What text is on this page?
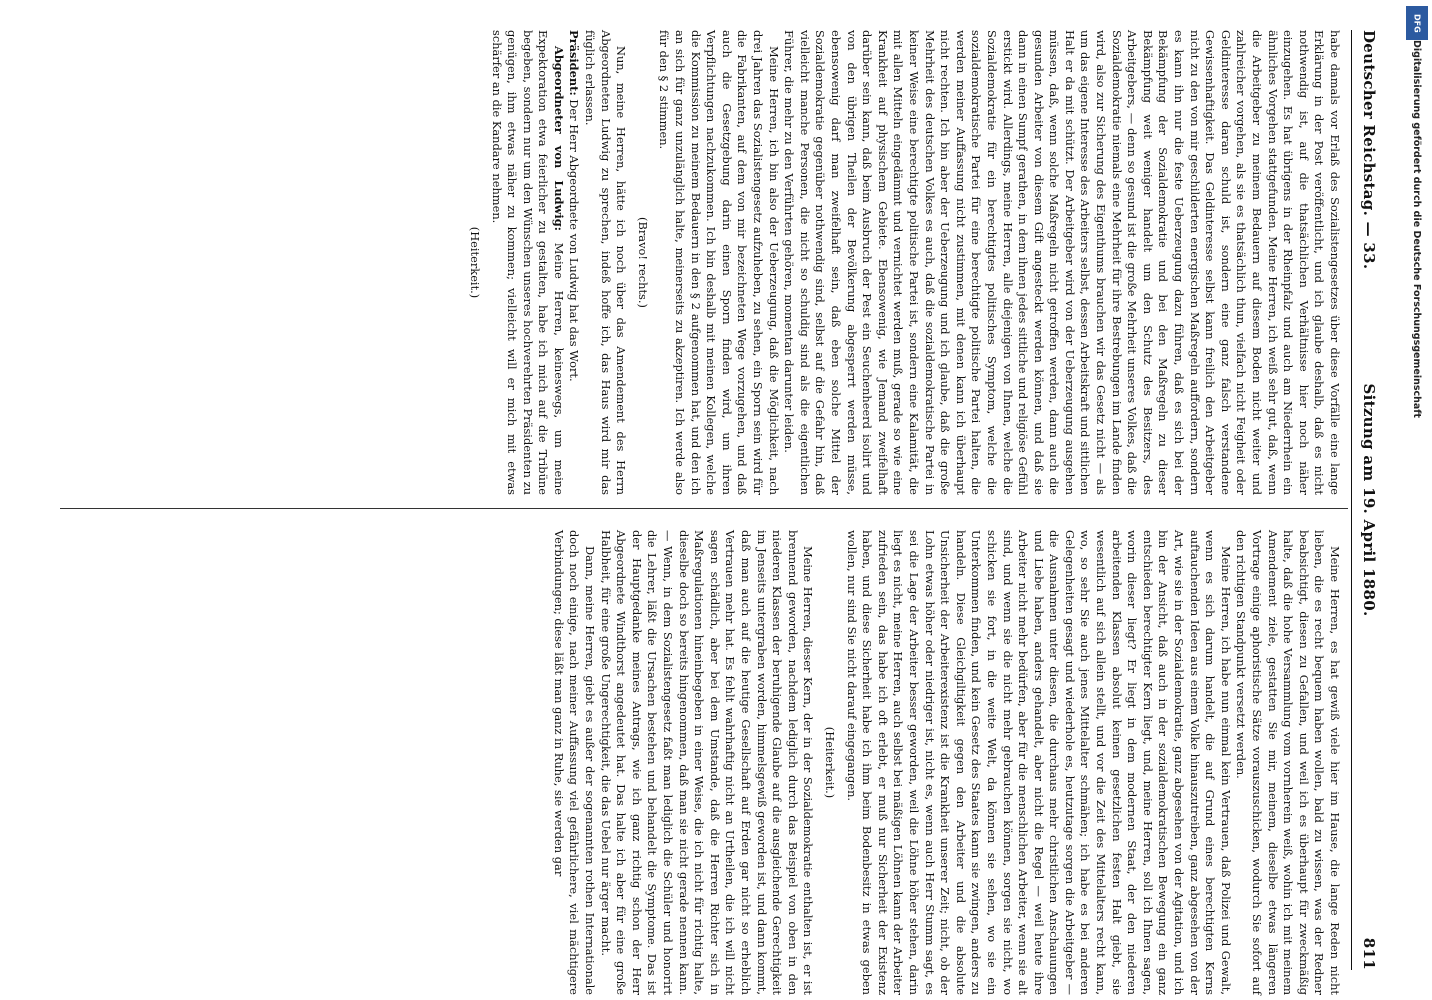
DFG
Digitalisierung gefördert durch die Deutsche Forschungsgemeinschaft
Deutscher Reichstag. — 33.
Sitzung am 19. April 1880.
811

habe damals vor Erlaß des Sozialistengesetzes über diese Vorfälle eine lange Erklärung in der Post veröffentlicht, und ich glaube deshalb, daß es nicht nothwendig ist, auf die thatsächlichen Verhältnisse hier noch näher einzugehen. Es hat übrigens in der Rheinpfalz und auch am Niederrhein ein ähnliches Vorgehen stattgefunden. Meine Herren, ich weiß sehr gut, daß, wenn die Arbeitgeber zu meinem Bedauern auf diesem Boden nicht weiter und zahlreicher vorgehen, als sie es thatsächlich thun, vielfach nicht Feigheit oder Geldinteresse daran schuld ist, sondern eine ganz falsch verstandene Gewissenhaftigkeit. Das Geldinteresse selbst kann freilich den Arbeitgeber nicht zu den von mir geschilderten energischen Maßregeln auffordern, sondern es kann ihn nur die feste Ueberzeugung dazu führen, daß es sich bei der Bekämpfung der Sozialdemokratie und bei den Maßregeln zu dieser Bekämpfung weit weniger handelt um den Schutz des Besitzers, des Arbeitgebers, — denn so gesund ist die große Mehrheit unseres Volkes, daß die Sozialdemokratie niemals eine Mehrheit für ihre Bestrebungen im Lande finden wird, also zur Sicherung des Eigenthums brauchen wir das Gesetz nicht — als um das eigene Interesse des Arbeiters selbst, dessen Arbeitskraft und sittlichen Halt er da mit schützt. Der Arbeitgeber wird von der Ueberzeugung ausgehen müssen, daß, wenn solche Maßregeln nicht getroffen werden, dann auch die gesunden Arbeiter von diesem Gift angesteckt werden können, und daß sie dann in einen Sumpf gerathen, in dem ihnen jedes sittliche und religiöse Gefühl erstickt wird. Allerdings, meine Herren, alle diejenigen von Ihnen, welche die Sozialdemokratie für ein berechtigtes politisches Symptom, welche die sozialdemokratische Partei für eine berechtigte politische Partei halten, die werden meiner Auffassung nicht zustimmen, mit denen kann ich überhaupt nicht rechten. Ich bin aber der Ueberzeugung und ich glaube, daß die große Mehrheit des deutschen Volkes es auch, daß die sozialdemokratische Partei in keiner Weise eine berechtigte politische Partei ist, sondern eine Kalamität, die mit allen Mitteln eingedämmt und vernichtet werden muß, gerade so wie eine Krankheit auf physischem Gebiete. Ebensowenig, wie Jemand zweifelhaft darüber sein kann, daß beim Ausbruch der Pest ein Seuchenheerd isolirt und von den übrigen Theilen der Bevölkerung abgesperrt werden müsse, ebensowenig darf man zweifelhaft sein, daß eben solche Mittel der Sozialdemokratie gegenüber nothwendig sind, selbst auf die Gefahr hin, daß vielleicht manche Personen, die nicht so schuldig sind als die eigentlichen Führer, die mehr zu den Verführten gehören, momentan darunter leiden.

Meine Herren, ich bin also der Ueberzeugung, daß die Möglichkeit, nach drei Jahren das Sozialistengesetz aufzuheben, zu sehen, ein Sporn sein wird für die Fabrikanten, auf dem von mir bezeichneten Wege vorzugehen, und daß auch die Gesetzgebung darin einen Sporn finden wird, um ihren Verpflichtungen nachzukommen. Ich bin deshalb mit meinen Kollegen, welche die Kommission zu meinem Bedauern in den § 2 aufgenommen hat, und den ich an sich für ganz unzulänglich halte, meinerseits zu akzeptiren. Ich werde also für den § 2 stimmen.

(Bravo! rechts.)

Nun, meine Herren, hätte ich noch über das Amendement des Herrn Abgeordneten Ludwig zu sprechen, indeß hoffe ich, das Haus wird mir das füglich erlassen.

Präsident: Der Herr Abgeordnete von Ludwig hat das Wort.

Abgeordneter von Ludwig: Meine Herren, keineswegs, um meine Expektoration etwa feierlicher zu gestalten, habe ich mich auf die Tribüne begeben, sondern nur um den Wünschen unseres hochverehrten Präsidenten zu genügen, ihm etwas näher zu kommen; vielleicht will er mich mit etwas schärfer an die Kandare nehmen.

(Heiterkeit.)

Meine Herren, es hat gewiß viele hier im Hause, die lange Reden nicht lieben, die es recht bequem haben wollen, bald zu wissen, was der Redner beabsichtigt, diesen zu Gefallen, und weil ich es überhaupt für zweckmäßig halte, daß die hohe Versammlung vom vornherein weiß, wohin ich mit meinem Amendement ziele, gestatten Sie mir, meinem, dieselbe etwas längeren Vortrage einige aphoristische Sätze vorauszuschicken, wodurch Sie sofort auf den richtigen Standpunkt versetzt werden.

Meine Herren, ich habe nun einmal kein Vertrauen, daß Polizei und Gewalt, wenn es sich darum handelt, die auf Grund eines berechtigten Kerns auftauchenden Ideen aus einem Volke hinauszutreiben, ganz abgesehen von der Art, wie sie in der Sozialdemokratie, ganz abgesehen von der Agitation, und ich bin der Ansicht, daß auch in der sozialdemokratischen Bewegung ein ganz entschieden berechtigter Kern liegt, und, meine Herren, soll ich Ihnen sagen, worin dieser liegt? Er liegt in dem modernen Staat, der den niederen arbeitenden Klassen absolut keinen gesetzlichen festen Halt giebt, sie wesentlich auf sich allein stellt, und vor die Zeit des Mittelalters recht kann, wo, so sehr Sie auch jenes Mittelalter schmähen; ich habe es bei anderen Gelegenheiten gesagt und wiederhole es, heutzutage sorgen die Arbeitgeber — die Ausnahmen unter diesen, die durchaus mehr christlichen Anschauungen und Liebe haben, anders gehandelt, aber nicht die Regel — weil heute ihre Arbeiter nicht mehr bedürfen, aber für die menschlichen Arbeiter, wenn sie alt sind, und wenn sie die nicht mehr gebrauchen können, sorgen sie nicht, wo schicken sie fort, in die weite Welt, da können sie sehen, wo sie ein Unterkommen finden, und kein Gesetz des Staates kann sie zwingen, anders zu handeln. Diese Gleichgiltigkeit gegen den Arbeiter und die absolute Unsicherheit der Arbeiterexistenz ist die Krankheit unserer Zeit; nicht, ob der Lohn etwas höher oder niedriger ist, nicht es, wenn auch Herr Stumm sagt, es sei die Lage der Arbeiter besser geworden, weil die Löhne höher stehen, darin liegt es nicht, meine Herren, auch selbst bei mäßigen Löhnen kann der Arbeiter zufrieden sein, das habe ich oft erlebt, er muß nur Sicherheit der Existenz haben, und diese Sicherheit habe ich ihm beim Bodenbesitz in etwas geben wollen, nur sind Sie nicht darauf eingegangen.

(Heiterkeit.)

Meine Herren, dieser Kern, der in der Sozialdemokratie enthalten ist, er ist brennend geworden, nachdem lediglich durch das Beispiel von oben in den niederen Klassen der beruhigende Glaube auf die ausgleichende Gerechtigkeit im Jenseits untergraben worden, himmelsgewiß geworden ist, und dann kommt, daß man auch auf die heutige Gesellschaft auf Erden gar nicht so erheblich Vertrauen mehr hat. Es fehlt wahrhaftig nicht an Urtheilen, die ich will nicht sagen schädlich, aber bei dem Umstande, daß die Herren Richter sich in Maßregulationen hineinbegeben in einer Weise, die ich nicht für richtig halte, dieselbe doch so bereits hingenommen, daß man sie nicht gerade nennen kann. — Wenn, in dem Sozialistengesetz faßt man lediglich die Schüler und honorirt die Lehrer, läßt die Ursachen bestehen und behandelt die Symptome. Das ist der Hauptgedanke meines Antrags, wie ich ganz richtig schon der Herr Abgeordnete Windthorst angedeutet hat. Das halte ich aber für eine große Halbheit, für eine große Ungerechtigkeit, die das Uebel nur ärger macht.

Dann, meine Herren, giebt es außer der sogenannten rothen Internationale doch noch einige, nach meiner Auffassung viel gefährlichere, viel mächtigere Verbindungen; diese läßt man ganz in Ruhe, sie werden gar
